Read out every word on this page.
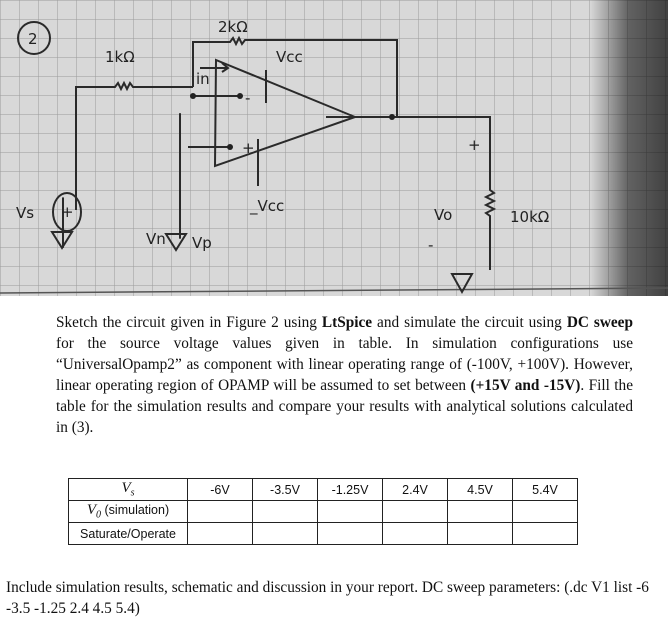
2
2kΩ
1kΩ	Vcc
in
-
+
_Vcc
Vs +
Vn Vp
Vo	10kΩ
+
-

Sketch the circuit given in Figure 2 using LtSpice and simulate the circuit using DC sweep for the source voltage values given in table. In simulation configurations use “UniversalOpamp2” as component with linear operating range of (-100V, +100V). However, linear operating region of OPAMP will be assumed to set between (+15V and -15V). Fill the table for the simulation results and compare your results with analytical solutions calculated in (3).

$V_s$	-6V	-3.5V	-1.25V	2.4V	4.5V	5.4V
$V_0$ (simulation)						
Saturate/Operate						

Include simulation results, schematic and discussion in your report. DC sweep parameters: (.dc V1 list -6 -3.5 -1.25 2.4 4.5 5.4)
